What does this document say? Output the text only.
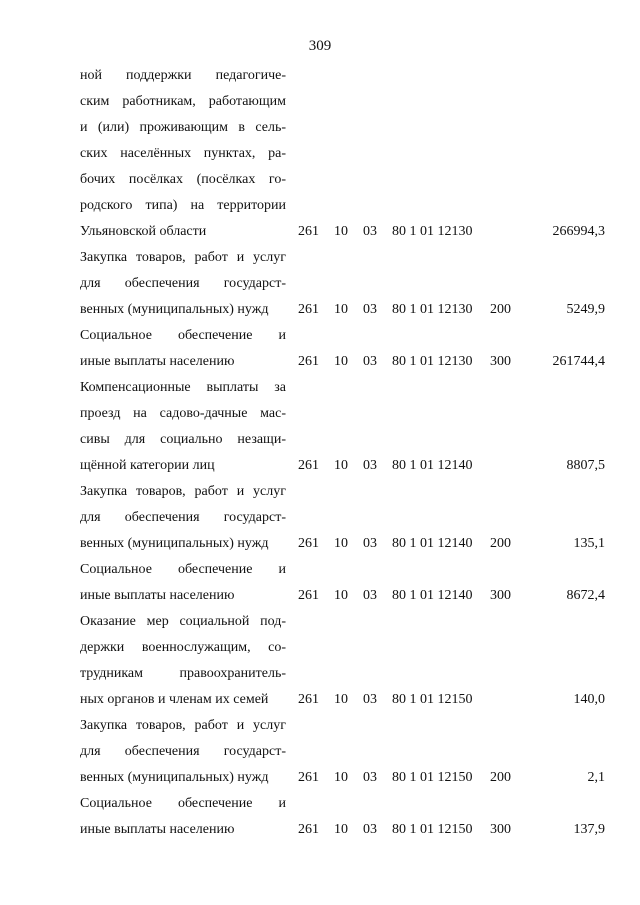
309
ной поддержки педагогиче-
ским работникам, работающим
и (или) проживающим в сель-
ских населённых пунктах, ра-
бочих посёлках (посёлках го-
родского типа) на территории
Ульяновской области	261 10 03 80 1 01 12130	266994,3
Закупка товаров, работ и услуг
для обеспечения государст-
венных (муниципальных) нужд	261 10 03 80 1 01 12130 200	5249,9
Социальное обеспечение и
иные выплаты населению	261 10 03 80 1 01 12130 300	261744,4
Компенсационные выплаты за
проезд на садово-дачные мас-
сивы для социально незащи-
щённой категории лиц	261 10 03 80 1 01 12140	8807,5
Закупка товаров, работ и услуг
для обеспечения государст-
венных (муниципальных) нужд	261 10 03 80 1 01 12140 200	135,1
Социальное обеспечение и
иные выплаты населению	261 10 03 80 1 01 12140 300	8672,4
Оказание мер социальной под-
держки военнослужащим, со-
трудникам правоохранитель-
ных органов и членам их семей	261 10 03 80 1 01 12150	140,0
Закупка товаров, работ и услуг
для обеспечения государст-
венных (муниципальных) нужд	261 10 03 80 1 01 12150 200	2,1
Социальное обеспечение и
иные выплаты населению	261 10 03 80 1 01 12150 300	137,9
